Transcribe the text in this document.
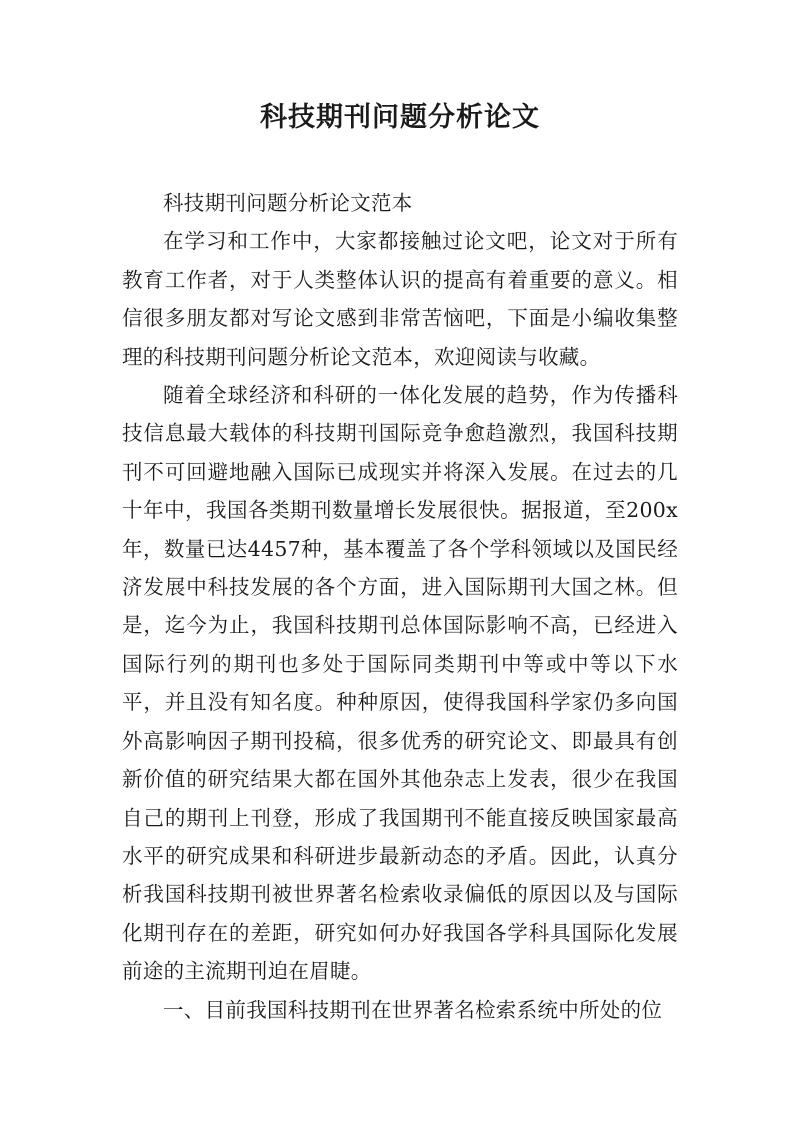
科技期刊问题分析论文

科技期刊问题分析论文范本

在学习和工作中，大家都接触过论文吧，论文对于所有教育工作者，对于人类整体认识的提高有着重要的意义。相信很多朋友都对写论文感到非常苦恼吧，下面是小编收集整理的科技期刊问题分析论文范本，欢迎阅读与收藏。

随着全球经济和科研的一体化发展的趋势，作为传播科技信息最大载体的科技期刊国际竞争愈趋激烈，我国科技期刊不可回避地融入国际已成现实并将深入发展。在过去的几十年中，我国各类期刊数量增长发展很快。据报道，至200x年，数量已达4457种，基本覆盖了各个学科领域以及国民经济发展中科技发展的各个方面，进入国际期刊大国之林。但是，迄今为止，我国科技期刊总体国际影响不高，已经进入国际行列的期刊也多处于国际同类期刊中等或中等以下水平，并且没有知名度。种种原因，使得我国科学家仍多向国外高影响因子期刊投稿，很多优秀的研究论文、即最具有创新价值的研究结果大都在国外其他杂志上发表，很少在我国自己的期刊上刊登，形成了我国期刊不能直接反映国家最高水平的研究成果和科研进步最新动态的矛盾。因此，认真分析我国科技期刊被世界著名检索收录偏低的原因以及与国际化期刊存在的差距，研究如何办好我国各学科具国际化发展前途的主流期刊迫在眉睫。

一、目前我国科技期刊在世界著名检索系统中所处的位
